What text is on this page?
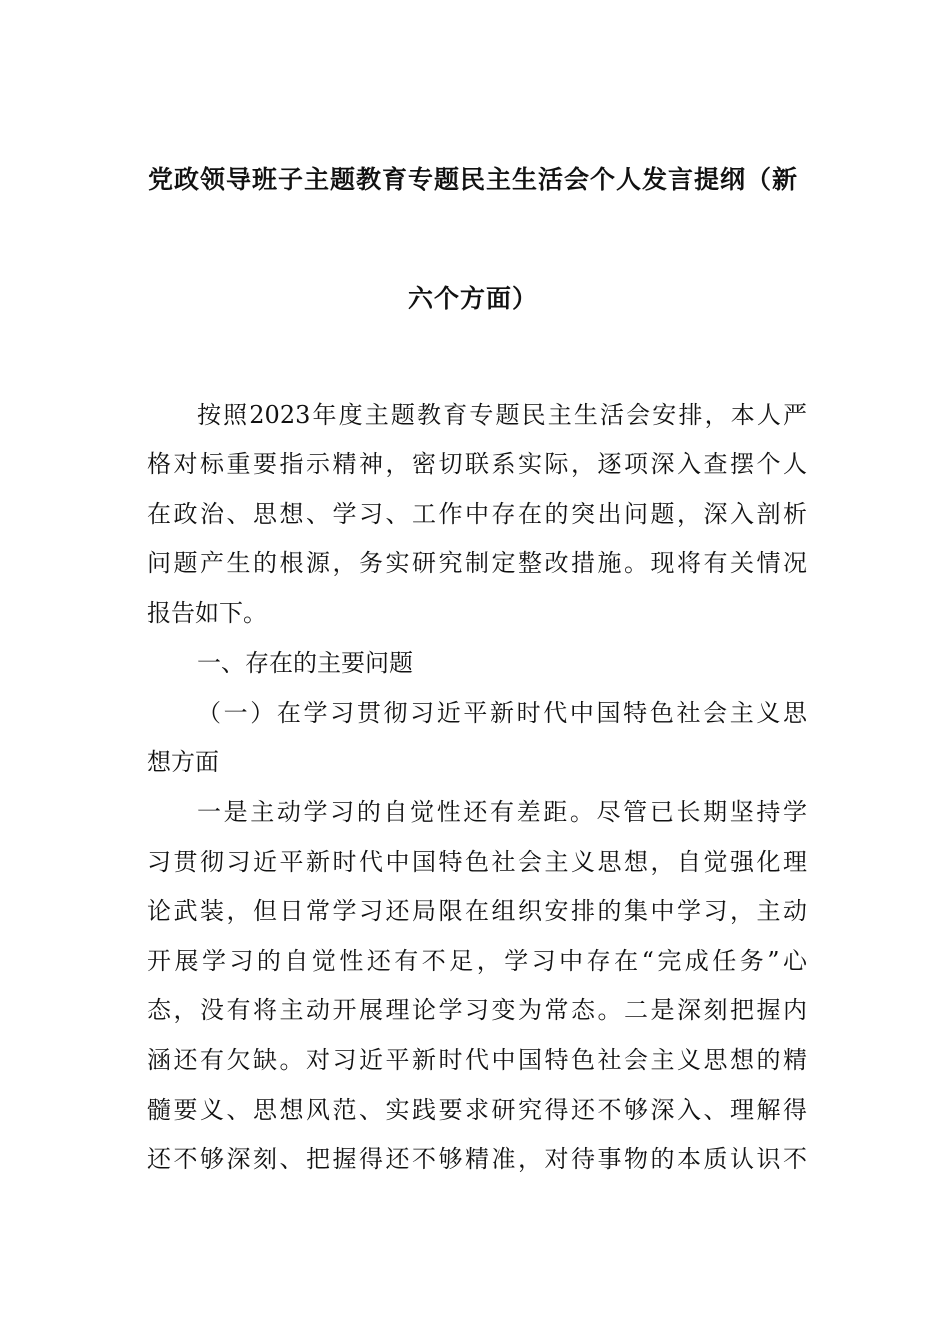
党政领导班子主题教育专题民主生活会个人发言提纲（新
六个方面）
按照2023年度主题教育专题民主生活会安排，本人严
格对标重要指示精神，密切联系实际，逐项深入查摆个人
在政治、思想、学习、工作中存在的突出问题，深入剖析
问题产生的根源，务实研究制定整改措施。现将有关情况
报告如下。
一、存在的主要问题
（一）在学习贯彻习近平新时代中国特色社会主义思
想方面
一是主动学习的自觉性还有差距。尽管已长期坚持学
习贯彻习近平新时代中国特色社会主义思想，自觉强化理
论武装，但日常学习还局限在组织安排的集中学习，主动
开展学习的自觉性还有不足，学习中存在“完成任务”心
态，没有将主动开展理论学习变为常态。二是深刻把握内
涵还有欠缺。对习近平新时代中国特色社会主义思想的精
髓要义、思想风范、实践要求研究得还不够深入、理解得
还不够深刻、把握得还不够精准，对待事物的本质认识不
